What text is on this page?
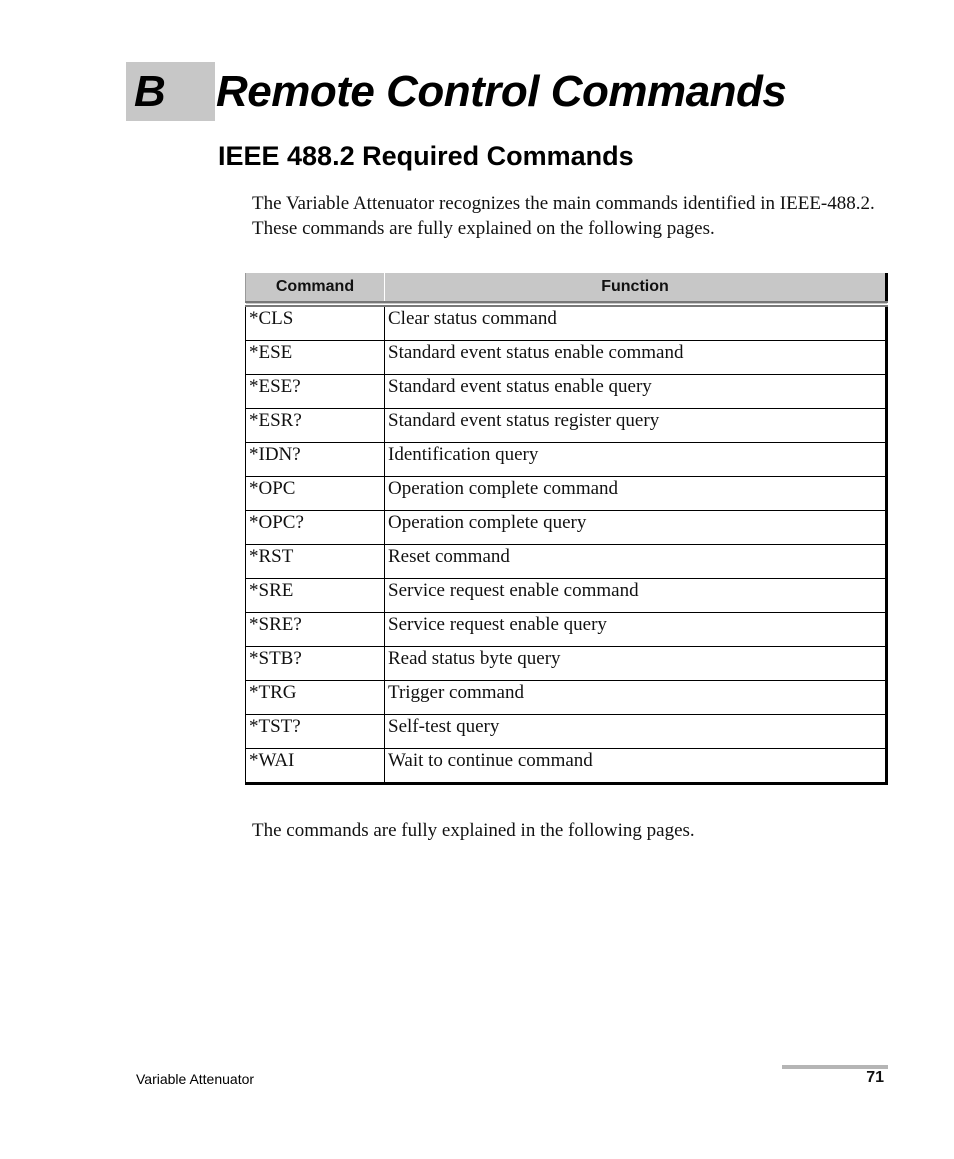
B Remote Control Commands
IEEE 488.2 Required Commands

The Variable Attenuator recognizes the main commands identified in IEEE-488.2. These commands are fully explained on the following pages.

Command	Function
*CLS	Clear status command
*ESE	Standard event status enable command
*ESE?	Standard event status enable query
*ESR?	Standard event status register query
*IDN?	Identification query
*OPC	Operation complete command
*OPC?	Operation complete query
*RST	Reset command
*SRE	Service request enable command
*SRE?	Service request enable query
*STB?	Read status byte query
*TRG	Trigger command
*TST?	Self-test query
*WAI	Wait to continue command

The commands are fully explained in the following pages.

Variable Attenuator	71
